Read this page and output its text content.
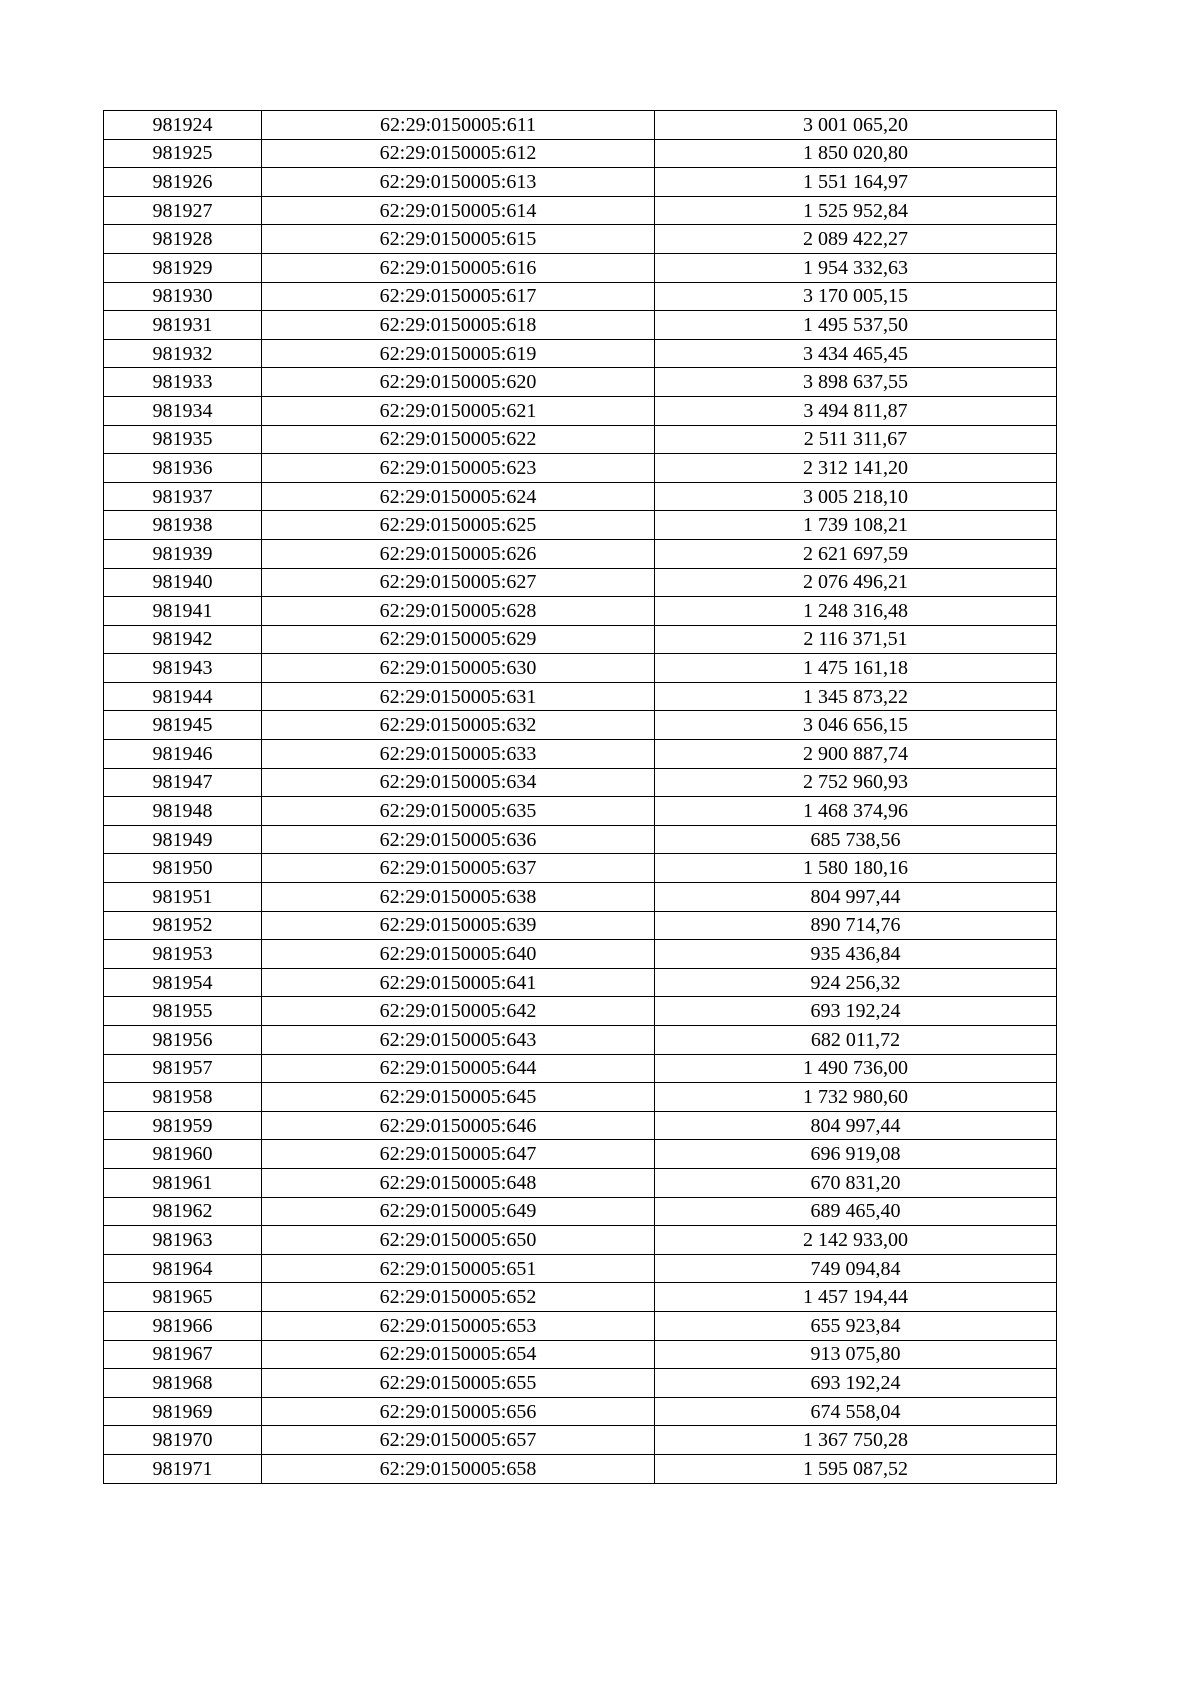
981924	62:29:0150005:611	3 001 065,20
981925	62:29:0150005:612	1 850 020,80
981926	62:29:0150005:613	1 551 164,97
981927	62:29:0150005:614	1 525 952,84
981928	62:29:0150005:615	2 089 422,27
981929	62:29:0150005:616	1 954 332,63
981930	62:29:0150005:617	3 170 005,15
981931	62:29:0150005:618	1 495 537,50
981932	62:29:0150005:619	3 434 465,45
981933	62:29:0150005:620	3 898 637,55
981934	62:29:0150005:621	3 494 811,87
981935	62:29:0150005:622	2 511 311,67
981936	62:29:0150005:623	2 312 141,20
981937	62:29:0150005:624	3 005 218,10
981938	62:29:0150005:625	1 739 108,21
981939	62:29:0150005:626	2 621 697,59
981940	62:29:0150005:627	2 076 496,21
981941	62:29:0150005:628	1 248 316,48
981942	62:29:0150005:629	2 116 371,51
981943	62:29:0150005:630	1 475 161,18
981944	62:29:0150005:631	1 345 873,22
981945	62:29:0150005:632	3 046 656,15
981946	62:29:0150005:633	2 900 887,74
981947	62:29:0150005:634	2 752 960,93
981948	62:29:0150005:635	1 468 374,96
981949	62:29:0150005:636	685 738,56
981950	62:29:0150005:637	1 580 180,16
981951	62:29:0150005:638	804 997,44
981952	62:29:0150005:639	890 714,76
981953	62:29:0150005:640	935 436,84
981954	62:29:0150005:641	924 256,32
981955	62:29:0150005:642	693 192,24
981956	62:29:0150005:643	682 011,72
981957	62:29:0150005:644	1 490 736,00
981958	62:29:0150005:645	1 732 980,60
981959	62:29:0150005:646	804 997,44
981960	62:29:0150005:647	696 919,08
981961	62:29:0150005:648	670 831,20
981962	62:29:0150005:649	689 465,40
981963	62:29:0150005:650	2 142 933,00
981964	62:29:0150005:651	749 094,84
981965	62:29:0150005:652	1 457 194,44
981966	62:29:0150005:653	655 923,84
981967	62:29:0150005:654	913 075,80
981968	62:29:0150005:655	693 192,24
981969	62:29:0150005:656	674 558,04
981970	62:29:0150005:657	1 367 750,28
981971	62:29:0150005:658	1 595 087,52
